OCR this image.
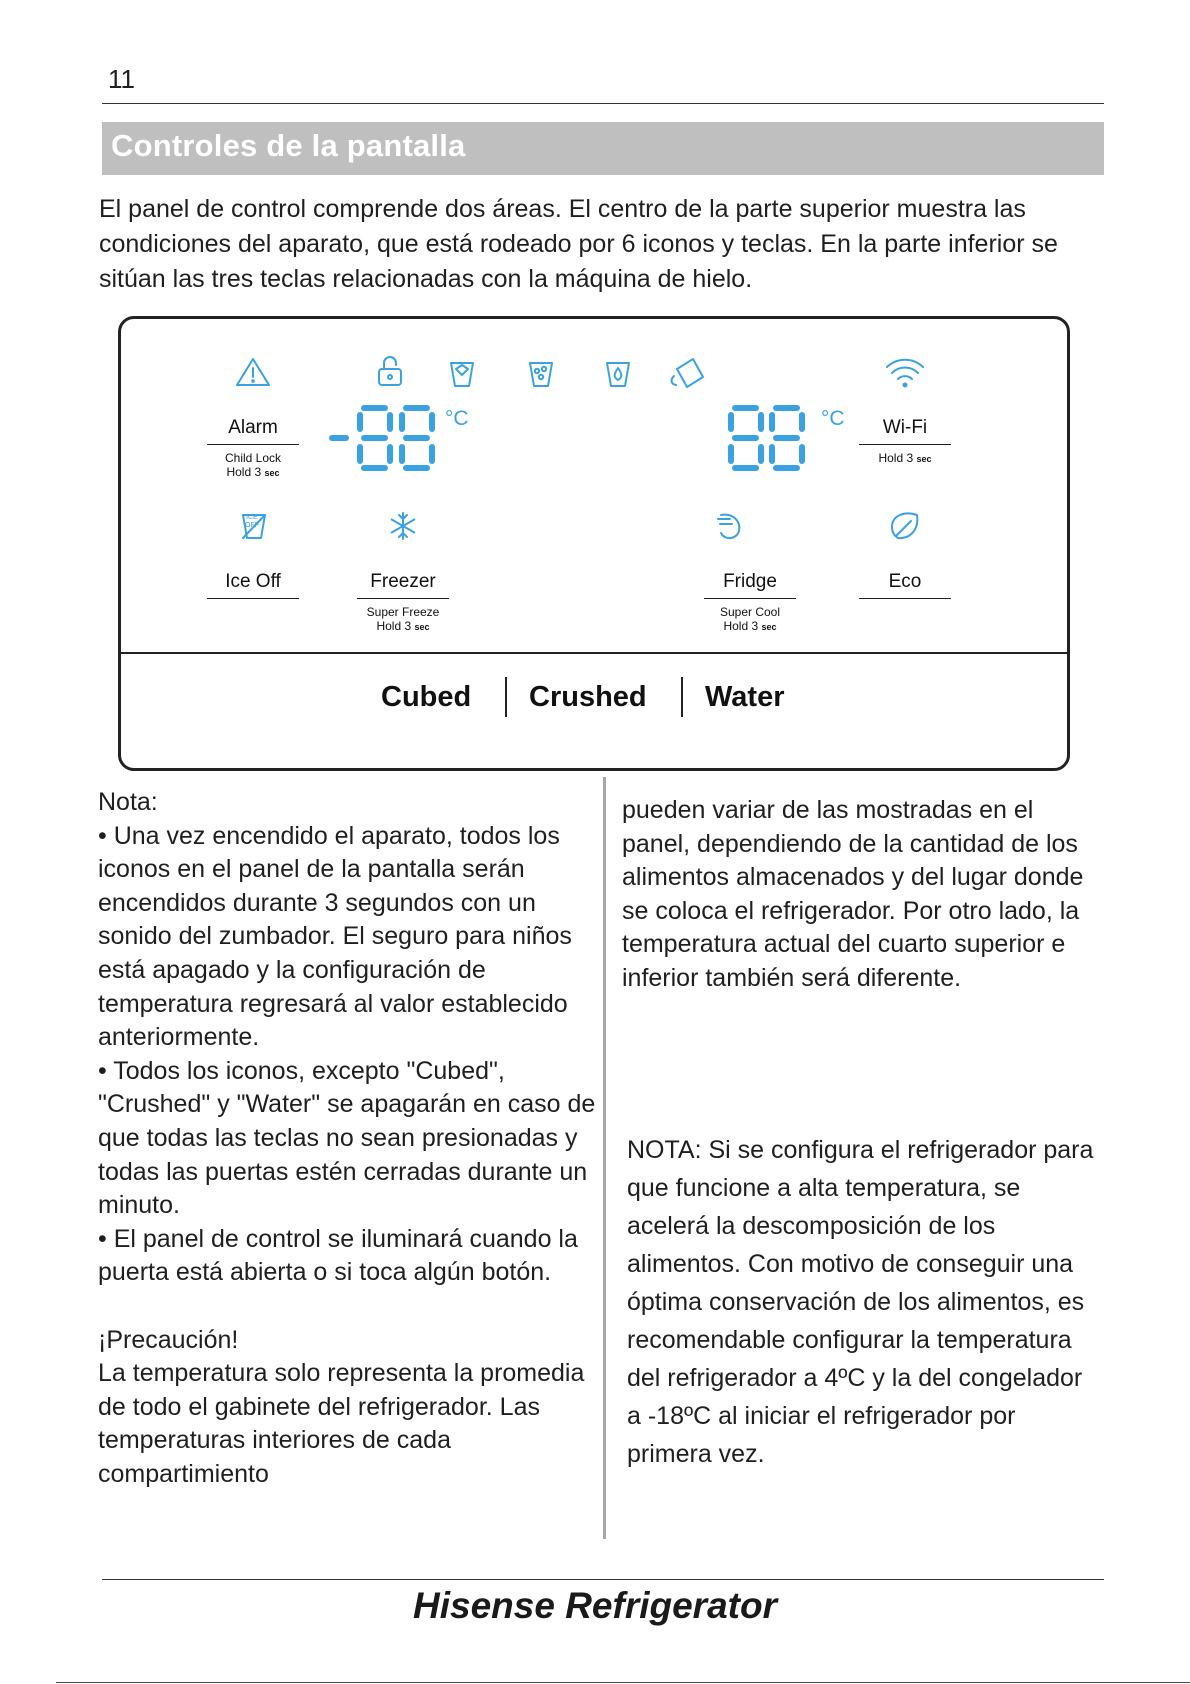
11
Controles de la pantalla

El panel de control comprende dos áreas. El centro de la parte superior muestra las condiciones del aparato, que está rodeado por 6 iconos y teclas. En la parte inferior se sitúan las tres teclas relacionadas con la máquina de hielo.

ICE
OFF
°C	°C
Alarm
Child Lock
Hold 3 sec
Wi-Fi
Hold 3 sec
Ice Off	Freezer
Super Freeze
Hold 3 sec
Fridge
Super Cool
Hold 3 sec
Eco
Cubed Crushed Water

Nota:

• Una vez encendido el aparato, todos los iconos en el panel de la pantalla serán encendidos durante 3 segundos con un sonido del zumbador. El seguro para niños está apagado y la configuración de temperatura regresará al valor establecido anteriormente.

• Todos los iconos, excepto "Cubed", "Crushed" y "Water" se apagarán en caso de que todas las teclas no sean presionadas y todas las puertas estén cerradas durante un minuto.

• El panel de control se iluminará cuando la puerta está abierta o si toca algún botón.

¡Precaución!

La temperatura solo representa la promedia de todo el gabinete del refrigerador. Las temperaturas interiores de cada compartimiento

pueden variar de las mostradas en el panel, dependiendo de la cantidad de los alimentos almacenados y del lugar donde se coloca el refrigerador. Por otro lado, la temperatura actual del cuarto superior e inferior también será diferente.

NOTA: Si se configura el refrigerador para que funcione a alta temperatura, se acelerá la descomposición de los alimentos. Con motivo de conseguir una óptima conservación de los alimentos, es recomendable configurar la temperatura del refrigerador a 4ºC y la del congelador a -18ºC al iniciar el refrigerador por primera vez.

Hisense Refrigerator
